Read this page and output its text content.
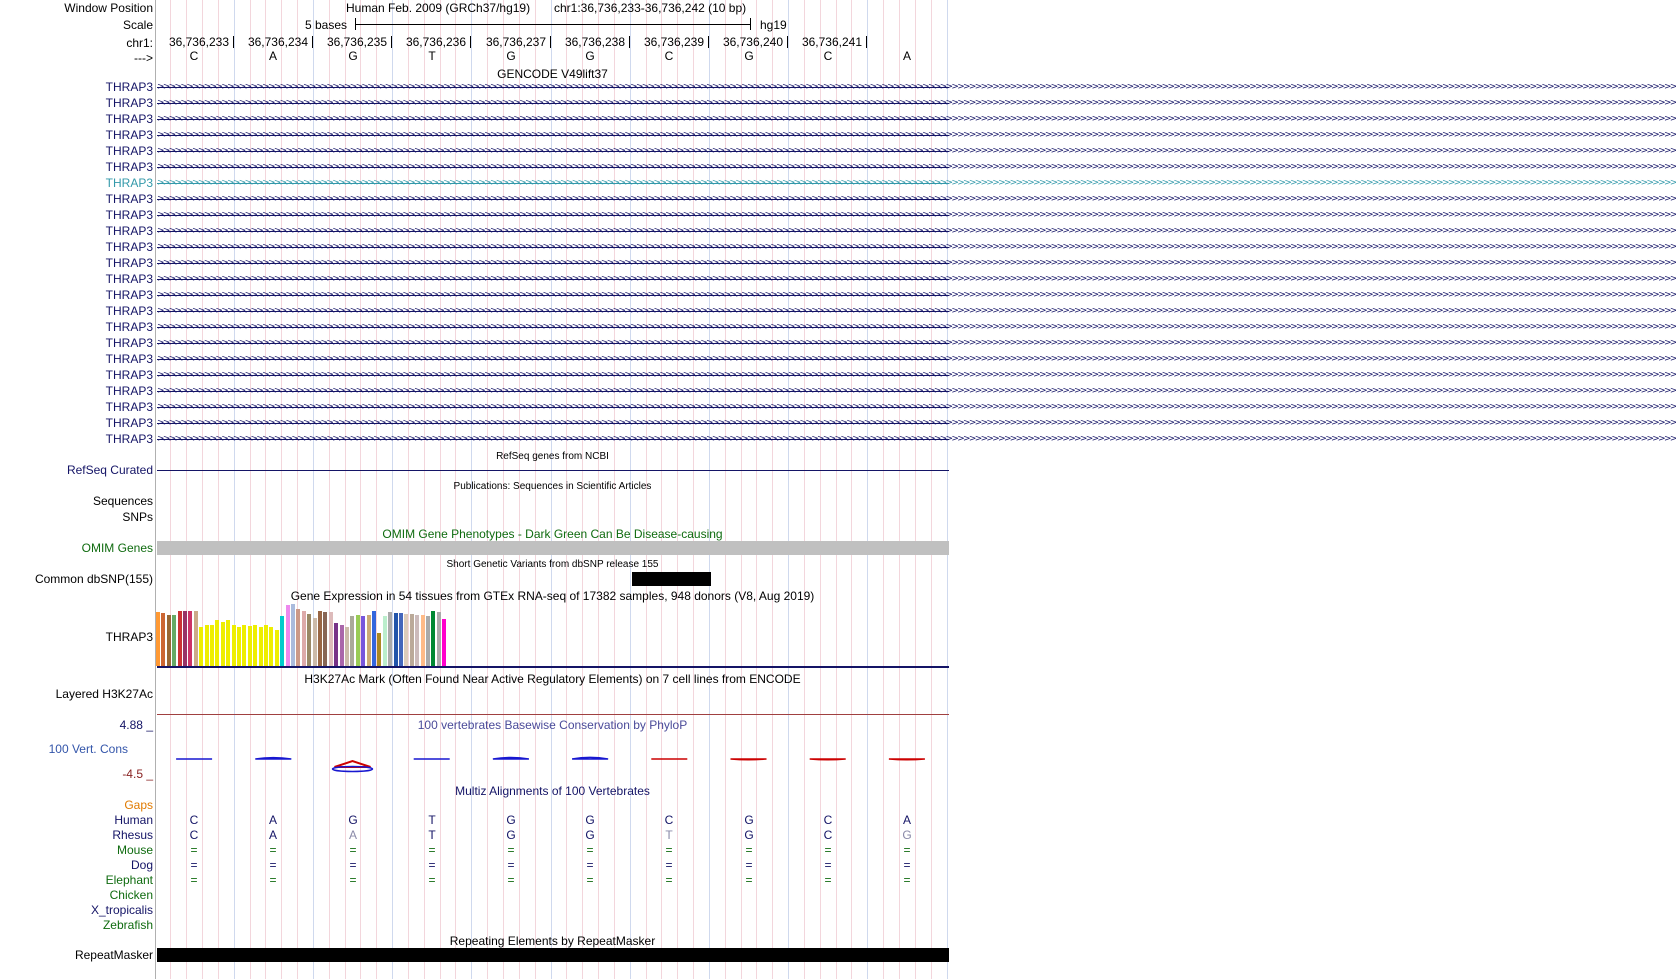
Window Position	Human Feb. 2009 (GRCh37/hg19) chr1:36,736,233-36,736,242 (10 bp)
Scale	5 bases	hg19
chr1:	36,736,233	36,736,234	36,736,235	36,736,236	36,736,237	36,736,238	36,736,239	36,736,240	36,736,241
--->	C	A	G	T	G	G	C	G	C	A
GENCODE V49lift37
THRAP3 >>>>>>>>>>>>>>>>>>>>>>>>>>>>>>>>>>>>>>>>>>>>>>>>>>>>>>>>>>>>>>>>>>>>>>>>>>>>>>>>>>>>>>>>>>>>>>>>>>>>>>>>>>>>>>>>>>>>>>>>>>>>>>>>>>>>>>>>>>>>>>>>>>>>>>>>>>>>>>>>>>>>>>>>>>>>>>>>>>>>>>>>>>>>>>>>>>>>>>>>>>>>>>>>>>>>>>>>>>>>>>>>>>>>>>>>>>>>>>>>>>>>>>>>>>>>>>>>>>>>
THRAP3 >>>>>>>>>>>>>>>>>>>>>>>>>>>>>>>>>>>>>>>>>>>>>>>>>>>>>>>>>>>>>>>>>>>>>>>>>>>>>>>>>>>>>>>>>>>>>>>>>>>>>>>>>>>>>>>>>>>>>>>>>>>>>>>>>>>>>>>>>>>>>>>>>>>>>>>>>>>>>>>>>>>>>>>>>>>>>>>>>>>>>>>>>>>>>>>>>>>>>>>>>>>>>>>>>>>>>>>>>>>>>>>>>>>>>>>>>>>>>>>>>>>>>>>>>>>>>>>>>>>>
THRAP3 >>>>>>>>>>>>>>>>>>>>>>>>>>>>>>>>>>>>>>>>>>>>>>>>>>>>>>>>>>>>>>>>>>>>>>>>>>>>>>>>>>>>>>>>>>>>>>>>>>>>>>>>>>>>>>>>>>>>>>>>>>>>>>>>>>>>>>>>>>>>>>>>>>>>>>>>>>>>>>>>>>>>>>>>>>>>>>>>>>>>>>>>>>>>>>>>>>>>>>>>>>>>>>>>>>>>>>>>>>>>>>>>>>>>>>>>>>>>>>>>>>>>>>>>>>>>>>>>>>>>
THRAP3 >>>>>>>>>>>>>>>>>>>>>>>>>>>>>>>>>>>>>>>>>>>>>>>>>>>>>>>>>>>>>>>>>>>>>>>>>>>>>>>>>>>>>>>>>>>>>>>>>>>>>>>>>>>>>>>>>>>>>>>>>>>>>>>>>>>>>>>>>>>>>>>>>>>>>>>>>>>>>>>>>>>>>>>>>>>>>>>>>>>>>>>>>>>>>>>>>>>>>>>>>>>>>>>>>>>>>>>>>>>>>>>>>>>>>>>>>>>>>>>>>>>>>>>>>>>>>>>>>>>>
THRAP3 >>>>>>>>>>>>>>>>>>>>>>>>>>>>>>>>>>>>>>>>>>>>>>>>>>>>>>>>>>>>>>>>>>>>>>>>>>>>>>>>>>>>>>>>>>>>>>>>>>>>>>>>>>>>>>>>>>>>>>>>>>>>>>>>>>>>>>>>>>>>>>>>>>>>>>>>>>>>>>>>>>>>>>>>>>>>>>>>>>>>>>>>>>>>>>>>>>>>>>>>>>>>>>>>>>>>>>>>>>>>>>>>>>>>>>>>>>>>>>>>>>>>>>>>>>>>>>>>>>>>
THRAP3 >>>>>>>>>>>>>>>>>>>>>>>>>>>>>>>>>>>>>>>>>>>>>>>>>>>>>>>>>>>>>>>>>>>>>>>>>>>>>>>>>>>>>>>>>>>>>>>>>>>>>>>>>>>>>>>>>>>>>>>>>>>>>>>>>>>>>>>>>>>>>>>>>>>>>>>>>>>>>>>>>>>>>>>>>>>>>>>>>>>>>>>>>>>>>>>>>>>>>>>>>>>>>>>>>>>>>>>>>>>>>>>>>>>>>>>>>>>>>>>>>>>>>>>>>>>>>>>>>>>>
THRAP3 >>>>>>>>>>>>>>>>>>>>>>>>>>>>>>>>>>>>>>>>>>>>>>>>>>>>>>>>>>>>>>>>>>>>>>>>>>>>>>>>>>>>>>>>>>>>>>>>>>>>>>>>>>>>>>>>>>>>>>>>>>>>>>>>>>>>>>>>>>>>>>>>>>>>>>>>>>>>>>>>>>>>>>>>>>>>>>>>>>>>>>>>>>>>>>>>>>>>>>>>>>>>>>>>>>>>>>>>>>>>>>>>>>>>>>>>>>>>>>>>>>>>>>>>>>>>>>>>>>>>
THRAP3 >>>>>>>>>>>>>>>>>>>>>>>>>>>>>>>>>>>>>>>>>>>>>>>>>>>>>>>>>>>>>>>>>>>>>>>>>>>>>>>>>>>>>>>>>>>>>>>>>>>>>>>>>>>>>>>>>>>>>>>>>>>>>>>>>>>>>>>>>>>>>>>>>>>>>>>>>>>>>>>>>>>>>>>>>>>>>>>>>>>>>>>>>>>>>>>>>>>>>>>>>>>>>>>>>>>>>>>>>>>>>>>>>>>>>>>>>>>>>>>>>>>>>>>>>>>>>>>>>>>>
THRAP3 >>>>>>>>>>>>>>>>>>>>>>>>>>>>>>>>>>>>>>>>>>>>>>>>>>>>>>>>>>>>>>>>>>>>>>>>>>>>>>>>>>>>>>>>>>>>>>>>>>>>>>>>>>>>>>>>>>>>>>>>>>>>>>>>>>>>>>>>>>>>>>>>>>>>>>>>>>>>>>>>>>>>>>>>>>>>>>>>>>>>>>>>>>>>>>>>>>>>>>>>>>>>>>>>>>>>>>>>>>>>>>>>>>>>>>>>>>>>>>>>>>>>>>>>>>>>>>>>>>>>
THRAP3 >>>>>>>>>>>>>>>>>>>>>>>>>>>>>>>>>>>>>>>>>>>>>>>>>>>>>>>>>>>>>>>>>>>>>>>>>>>>>>>>>>>>>>>>>>>>>>>>>>>>>>>>>>>>>>>>>>>>>>>>>>>>>>>>>>>>>>>>>>>>>>>>>>>>>>>>>>>>>>>>>>>>>>>>>>>>>>>>>>>>>>>>>>>>>>>>>>>>>>>>>>>>>>>>>>>>>>>>>>>>>>>>>>>>>>>>>>>>>>>>>>>>>>>>>>>>>>>>>>>>
THRAP3 >>>>>>>>>>>>>>>>>>>>>>>>>>>>>>>>>>>>>>>>>>>>>>>>>>>>>>>>>>>>>>>>>>>>>>>>>>>>>>>>>>>>>>>>>>>>>>>>>>>>>>>>>>>>>>>>>>>>>>>>>>>>>>>>>>>>>>>>>>>>>>>>>>>>>>>>>>>>>>>>>>>>>>>>>>>>>>>>>>>>>>>>>>>>>>>>>>>>>>>>>>>>>>>>>>>>>>>>>>>>>>>>>>>>>>>>>>>>>>>>>>>>>>>>>>>>>>>>>>>>
THRAP3 >>>>>>>>>>>>>>>>>>>>>>>>>>>>>>>>>>>>>>>>>>>>>>>>>>>>>>>>>>>>>>>>>>>>>>>>>>>>>>>>>>>>>>>>>>>>>>>>>>>>>>>>>>>>>>>>>>>>>>>>>>>>>>>>>>>>>>>>>>>>>>>>>>>>>>>>>>>>>>>>>>>>>>>>>>>>>>>>>>>>>>>>>>>>>>>>>>>>>>>>>>>>>>>>>>>>>>>>>>>>>>>>>>>>>>>>>>>>>>>>>>>>>>>>>>>>>>>>>>>>
THRAP3 >>>>>>>>>>>>>>>>>>>>>>>>>>>>>>>>>>>>>>>>>>>>>>>>>>>>>>>>>>>>>>>>>>>>>>>>>>>>>>>>>>>>>>>>>>>>>>>>>>>>>>>>>>>>>>>>>>>>>>>>>>>>>>>>>>>>>>>>>>>>>>>>>>>>>>>>>>>>>>>>>>>>>>>>>>>>>>>>>>>>>>>>>>>>>>>>>>>>>>>>>>>>>>>>>>>>>>>>>>>>>>>>>>>>>>>>>>>>>>>>>>>>>>>>>>>>>>>>>>>>
THRAP3 >>>>>>>>>>>>>>>>>>>>>>>>>>>>>>>>>>>>>>>>>>>>>>>>>>>>>>>>>>>>>>>>>>>>>>>>>>>>>>>>>>>>>>>>>>>>>>>>>>>>>>>>>>>>>>>>>>>>>>>>>>>>>>>>>>>>>>>>>>>>>>>>>>>>>>>>>>>>>>>>>>>>>>>>>>>>>>>>>>>>>>>>>>>>>>>>>>>>>>>>>>>>>>>>>>>>>>>>>>>>>>>>>>>>>>>>>>>>>>>>>>>>>>>>>>>>>>>>>>>>
THRAP3 >>>>>>>>>>>>>>>>>>>>>>>>>>>>>>>>>>>>>>>>>>>>>>>>>>>>>>>>>>>>>>>>>>>>>>>>>>>>>>>>>>>>>>>>>>>>>>>>>>>>>>>>>>>>>>>>>>>>>>>>>>>>>>>>>>>>>>>>>>>>>>>>>>>>>>>>>>>>>>>>>>>>>>>>>>>>>>>>>>>>>>>>>>>>>>>>>>>>>>>>>>>>>>>>>>>>>>>>>>>>>>>>>>>>>>>>>>>>>>>>>>>>>>>>>>>>>>>>>>>>
THRAP3 >>>>>>>>>>>>>>>>>>>>>>>>>>>>>>>>>>>>>>>>>>>>>>>>>>>>>>>>>>>>>>>>>>>>>>>>>>>>>>>>>>>>>>>>>>>>>>>>>>>>>>>>>>>>>>>>>>>>>>>>>>>>>>>>>>>>>>>>>>>>>>>>>>>>>>>>>>>>>>>>>>>>>>>>>>>>>>>>>>>>>>>>>>>>>>>>>>>>>>>>>>>>>>>>>>>>>>>>>>>>>>>>>>>>>>>>>>>>>>>>>>>>>>>>>>>>>>>>>>>>
THRAP3 >>>>>>>>>>>>>>>>>>>>>>>>>>>>>>>>>>>>>>>>>>>>>>>>>>>>>>>>>>>>>>>>>>>>>>>>>>>>>>>>>>>>>>>>>>>>>>>>>>>>>>>>>>>>>>>>>>>>>>>>>>>>>>>>>>>>>>>>>>>>>>>>>>>>>>>>>>>>>>>>>>>>>>>>>>>>>>>>>>>>>>>>>>>>>>>>>>>>>>>>>>>>>>>>>>>>>>>>>>>>>>>>>>>>>>>>>>>>>>>>>>>>>>>>>>>>>>>>>>>>
THRAP3 >>>>>>>>>>>>>>>>>>>>>>>>>>>>>>>>>>>>>>>>>>>>>>>>>>>>>>>>>>>>>>>>>>>>>>>>>>>>>>>>>>>>>>>>>>>>>>>>>>>>>>>>>>>>>>>>>>>>>>>>>>>>>>>>>>>>>>>>>>>>>>>>>>>>>>>>>>>>>>>>>>>>>>>>>>>>>>>>>>>>>>>>>>>>>>>>>>>>>>>>>>>>>>>>>>>>>>>>>>>>>>>>>>>>>>>>>>>>>>>>>>>>>>>>>>>>>>>>>>>>
THRAP3 >>>>>>>>>>>>>>>>>>>>>>>>>>>>>>>>>>>>>>>>>>>>>>>>>>>>>>>>>>>>>>>>>>>>>>>>>>>>>>>>>>>>>>>>>>>>>>>>>>>>>>>>>>>>>>>>>>>>>>>>>>>>>>>>>>>>>>>>>>>>>>>>>>>>>>>>>>>>>>>>>>>>>>>>>>>>>>>>>>>>>>>>>>>>>>>>>>>>>>>>>>>>>>>>>>>>>>>>>>>>>>>>>>>>>>>>>>>>>>>>>>>>>>>>>>>>>>>>>>>>
THRAP3 >>>>>>>>>>>>>>>>>>>>>>>>>>>>>>>>>>>>>>>>>>>>>>>>>>>>>>>>>>>>>>>>>>>>>>>>>>>>>>>>>>>>>>>>>>>>>>>>>>>>>>>>>>>>>>>>>>>>>>>>>>>>>>>>>>>>>>>>>>>>>>>>>>>>>>>>>>>>>>>>>>>>>>>>>>>>>>>>>>>>>>>>>>>>>>>>>>>>>>>>>>>>>>>>>>>>>>>>>>>>>>>>>>>>>>>>>>>>>>>>>>>>>>>>>>>>>>>>>>>>
THRAP3 >>>>>>>>>>>>>>>>>>>>>>>>>>>>>>>>>>>>>>>>>>>>>>>>>>>>>>>>>>>>>>>>>>>>>>>>>>>>>>>>>>>>>>>>>>>>>>>>>>>>>>>>>>>>>>>>>>>>>>>>>>>>>>>>>>>>>>>>>>>>>>>>>>>>>>>>>>>>>>>>>>>>>>>>>>>>>>>>>>>>>>>>>>>>>>>>>>>>>>>>>>>>>>>>>>>>>>>>>>>>>>>>>>>>>>>>>>>>>>>>>>>>>>>>>>>>>>>>>>>>
THRAP3 >>>>>>>>>>>>>>>>>>>>>>>>>>>>>>>>>>>>>>>>>>>>>>>>>>>>>>>>>>>>>>>>>>>>>>>>>>>>>>>>>>>>>>>>>>>>>>>>>>>>>>>>>>>>>>>>>>>>>>>>>>>>>>>>>>>>>>>>>>>>>>>>>>>>>>>>>>>>>>>>>>>>>>>>>>>>>>>>>>>>>>>>>>>>>>>>>>>>>>>>>>>>>>>>>>>>>>>>>>>>>>>>>>>>>>>>>>>>>>>>>>>>>>>>>>>>>>>>>>>>
THRAP3 >>>>>>>>>>>>>>>>>>>>>>>>>>>>>>>>>>>>>>>>>>>>>>>>>>>>>>>>>>>>>>>>>>>>>>>>>>>>>>>>>>>>>>>>>>>>>>>>>>>>>>>>>>>>>>>>>>>>>>>>>>>>>>>>>>>>>>>>>>>>>>>>>>>>>>>>>>>>>>>>>>>>>>>>>>>>>>>>>>>>>>>>>>>>>>>>>>>>>>>>>>>>>>>>>>>>>>>>>>>>>>>>>>>>>>>>>>>>>>>>>>>>>>>>>>>>>>>>>>>>
RefSeq genes from NCBI
RefSeq Curated
Publications: Sequences in Scientific Articles
Sequences
SNPs
OMIM Gene Phenotypes - Dark Green Can Be Disease-causing
OMIM Genes
Short Genetic Variants from dbSNP release 155
Common dbSNP(155)
Gene Expression in 54 tissues from GTEx RNA-seq of 17382 samples, 948 donors (V8, Aug 2019)
THRAP3
H3K27Ac Mark (Often Found Near Active Regulatory Elements) on 7 cell lines from ENCODE
Layered H3K27Ac
100 vertebrates Basewise Conservation by PhyloP
4.88 _
100 Vert. Cons
-4.5 _
Multiz Alignments of 100 Vertebrates
Gaps
Human	C	A	G	T	G	G	C	G	C	A
Rhesus	C	A	A	T	G	G	T	G	C	G
Mouse	=	=	=	=	=	=	=	=	=	=
Dog	=	=	=	=	=	=	=	=	=	=
Elephant	=	=	=	=	=	=	=	=	=	=
Chicken
X_tropicalis
Zebrafish
Repeating Elements by RepeatMasker
RepeatMasker
